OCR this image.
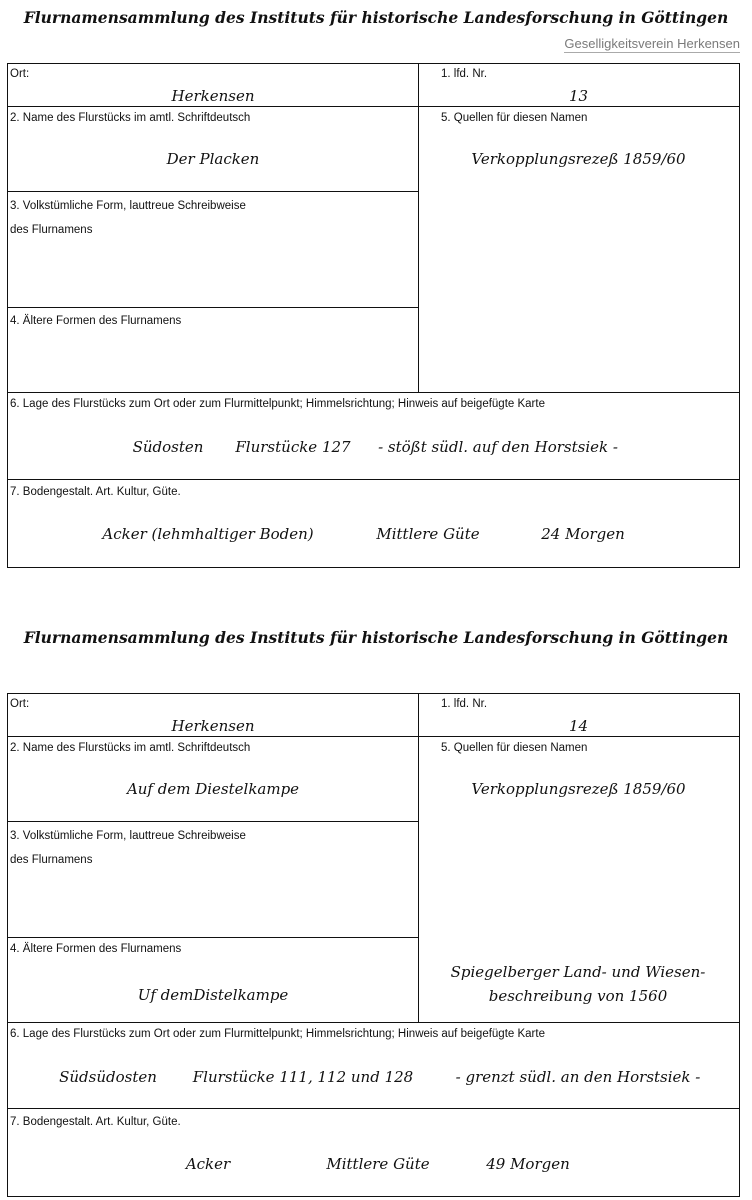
Flurnamensammlung des Instituts für historische Landesforschung in Göttingen
Geselligkeitsverein Herkensen
Ort:
Herkensen
1. lfd. Nr.
13
2. Name des Flurstücks im amtl. Schriftdeutsch
Der Placken
5. Quellen für diesen Namen
Verkopplungsrezeß 1859/60
3. Volkstümliche Form, lauttreue Schreibweise
des Flurnamens
4. Ältere Formen des Flurnamens
6. Lage des Flurstücks zum Ort oder zum Flurmittelpunkt; Himmelsrichtung; Hinweis auf beigefügte Karte
Südosten	Flurstücke 127	- stößt südl. auf den Horstsiek -
7. Bodengestalt. Art. Kultur, Güte.
Acker (lehmhaltiger Boden)	Mittlere Güte	24 Morgen
Flurnamensammlung des Instituts für historische Landesforschung in Göttingen
Ort:
Herkensen
1. lfd. Nr.
14
2. Name des Flurstücks im amtl. Schriftdeutsch
Auf dem Diestelkampe
5. Quellen für diesen Namen
Verkopplungsrezeß 1859/60
Spiegelberger Land- und Wiesen- beschreibung von 1560
3. Volkstümliche Form, lauttreue Schreibweise
des Flurnamens
4. Ältere Formen des Flurnamens
Uf demDistelkampe
6. Lage des Flurstücks zum Ort oder zum Flurmittelpunkt; Himmelsrichtung; Hinweis auf beigefügte Karte
Südsüdosten	Flurstücke 111, 112 und 128	- grenzt südl. an den Horstsiek -
7. Bodengestalt. Art. Kultur, Güte.
Acker	Mittlere Güte	49 Morgen
